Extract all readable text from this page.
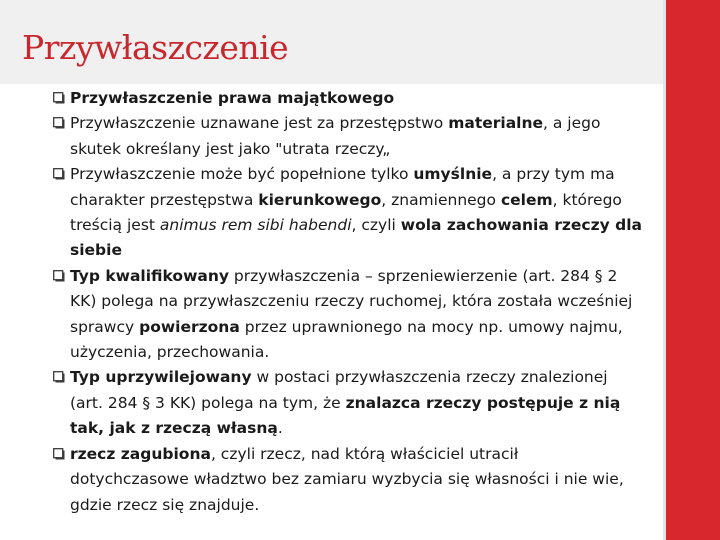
Przywłaszczenie

Przywłaszczenie prawa majątkowego

Przywłaszczenie uznawane jest za przestępstwo materialne, a jego skutek określany jest jako "utrata rzeczy„

Przywłaszczenie może być popełnione tylko umyślnie, a przy tym ma charakter przestępstwa kierunkowego, znamiennego celem, którego treścią jest animus rem sibi habendi, czyli wola zachowania rzeczy dla siebie

Typ kwalifikowany przywłaszczenia – sprzeniewierzenie (art. 284 § 2 KK) polega na przywłaszczeniu rzeczy ruchomej, która została wcześniej sprawcy powierzona przez uprawnionego na mocy np. umowy najmu, użyczenia, przechowania.

Typ uprzywilejowany w postaci przywłaszczenia rzeczy znalezionej (art. 284 § 3 KK) polega na tym, że znalazca rzeczy postępuje z nią tak, jak z rzeczą własną.

rzecz zagubiona, czyli rzecz, nad którą właściciel utracił dotychczasowe władztwo bez zamiaru wyzbycia się własności i nie wie, gdzie rzecz się znajduje.
